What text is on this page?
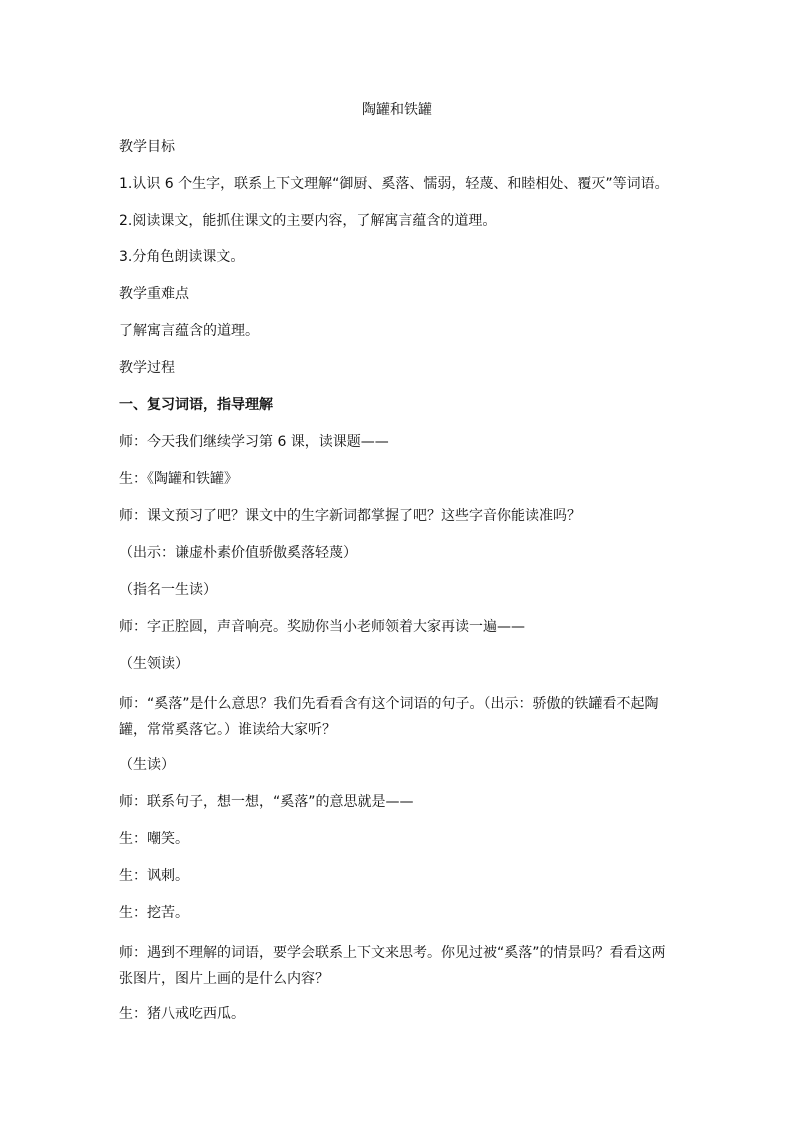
陶罐和铁罐
教学目标
1.认识 6 个生字，联系上下文理解“御厨、奚落、懦弱，轻蔑、和睦相处、覆灭”等词语。
2.阅读课文，能抓住课文的主要内容，了解寓言蕴含的道理。
3.分角色朗读课文。
教学重难点
了解寓言蕴含的道理。
教学过程
一、复习词语，指导理解
师：今天我们继续学习第 6 课，读课题——
生：《陶罐和铁罐》
师：课文预习了吧？课文中的生字新词都掌握了吧？这些字音你能读准吗？
（出示：谦虚朴素价值骄傲奚落轻蔑）
（指名一生读）
师：字正腔圆，声音响亮。奖励你当小老师领着大家再读一遍——
（生领读）
师：“奚落”是什么意思？我们先看看含有这个词语的句子。（出示：骄傲的铁罐看不起陶罐，常常奚落它。）谁读给大家听？
（生读）
师：联系句子，想一想，“奚落”的意思就是——
生：嘲笑。
生：讽刺。
生：挖苦。
师：遇到不理解的词语，要学会联系上下文来思考。你见过被“奚落”的情景吗？看看这两张图片，图片上画的是什么内容？
生：猪八戒吃西瓜。
